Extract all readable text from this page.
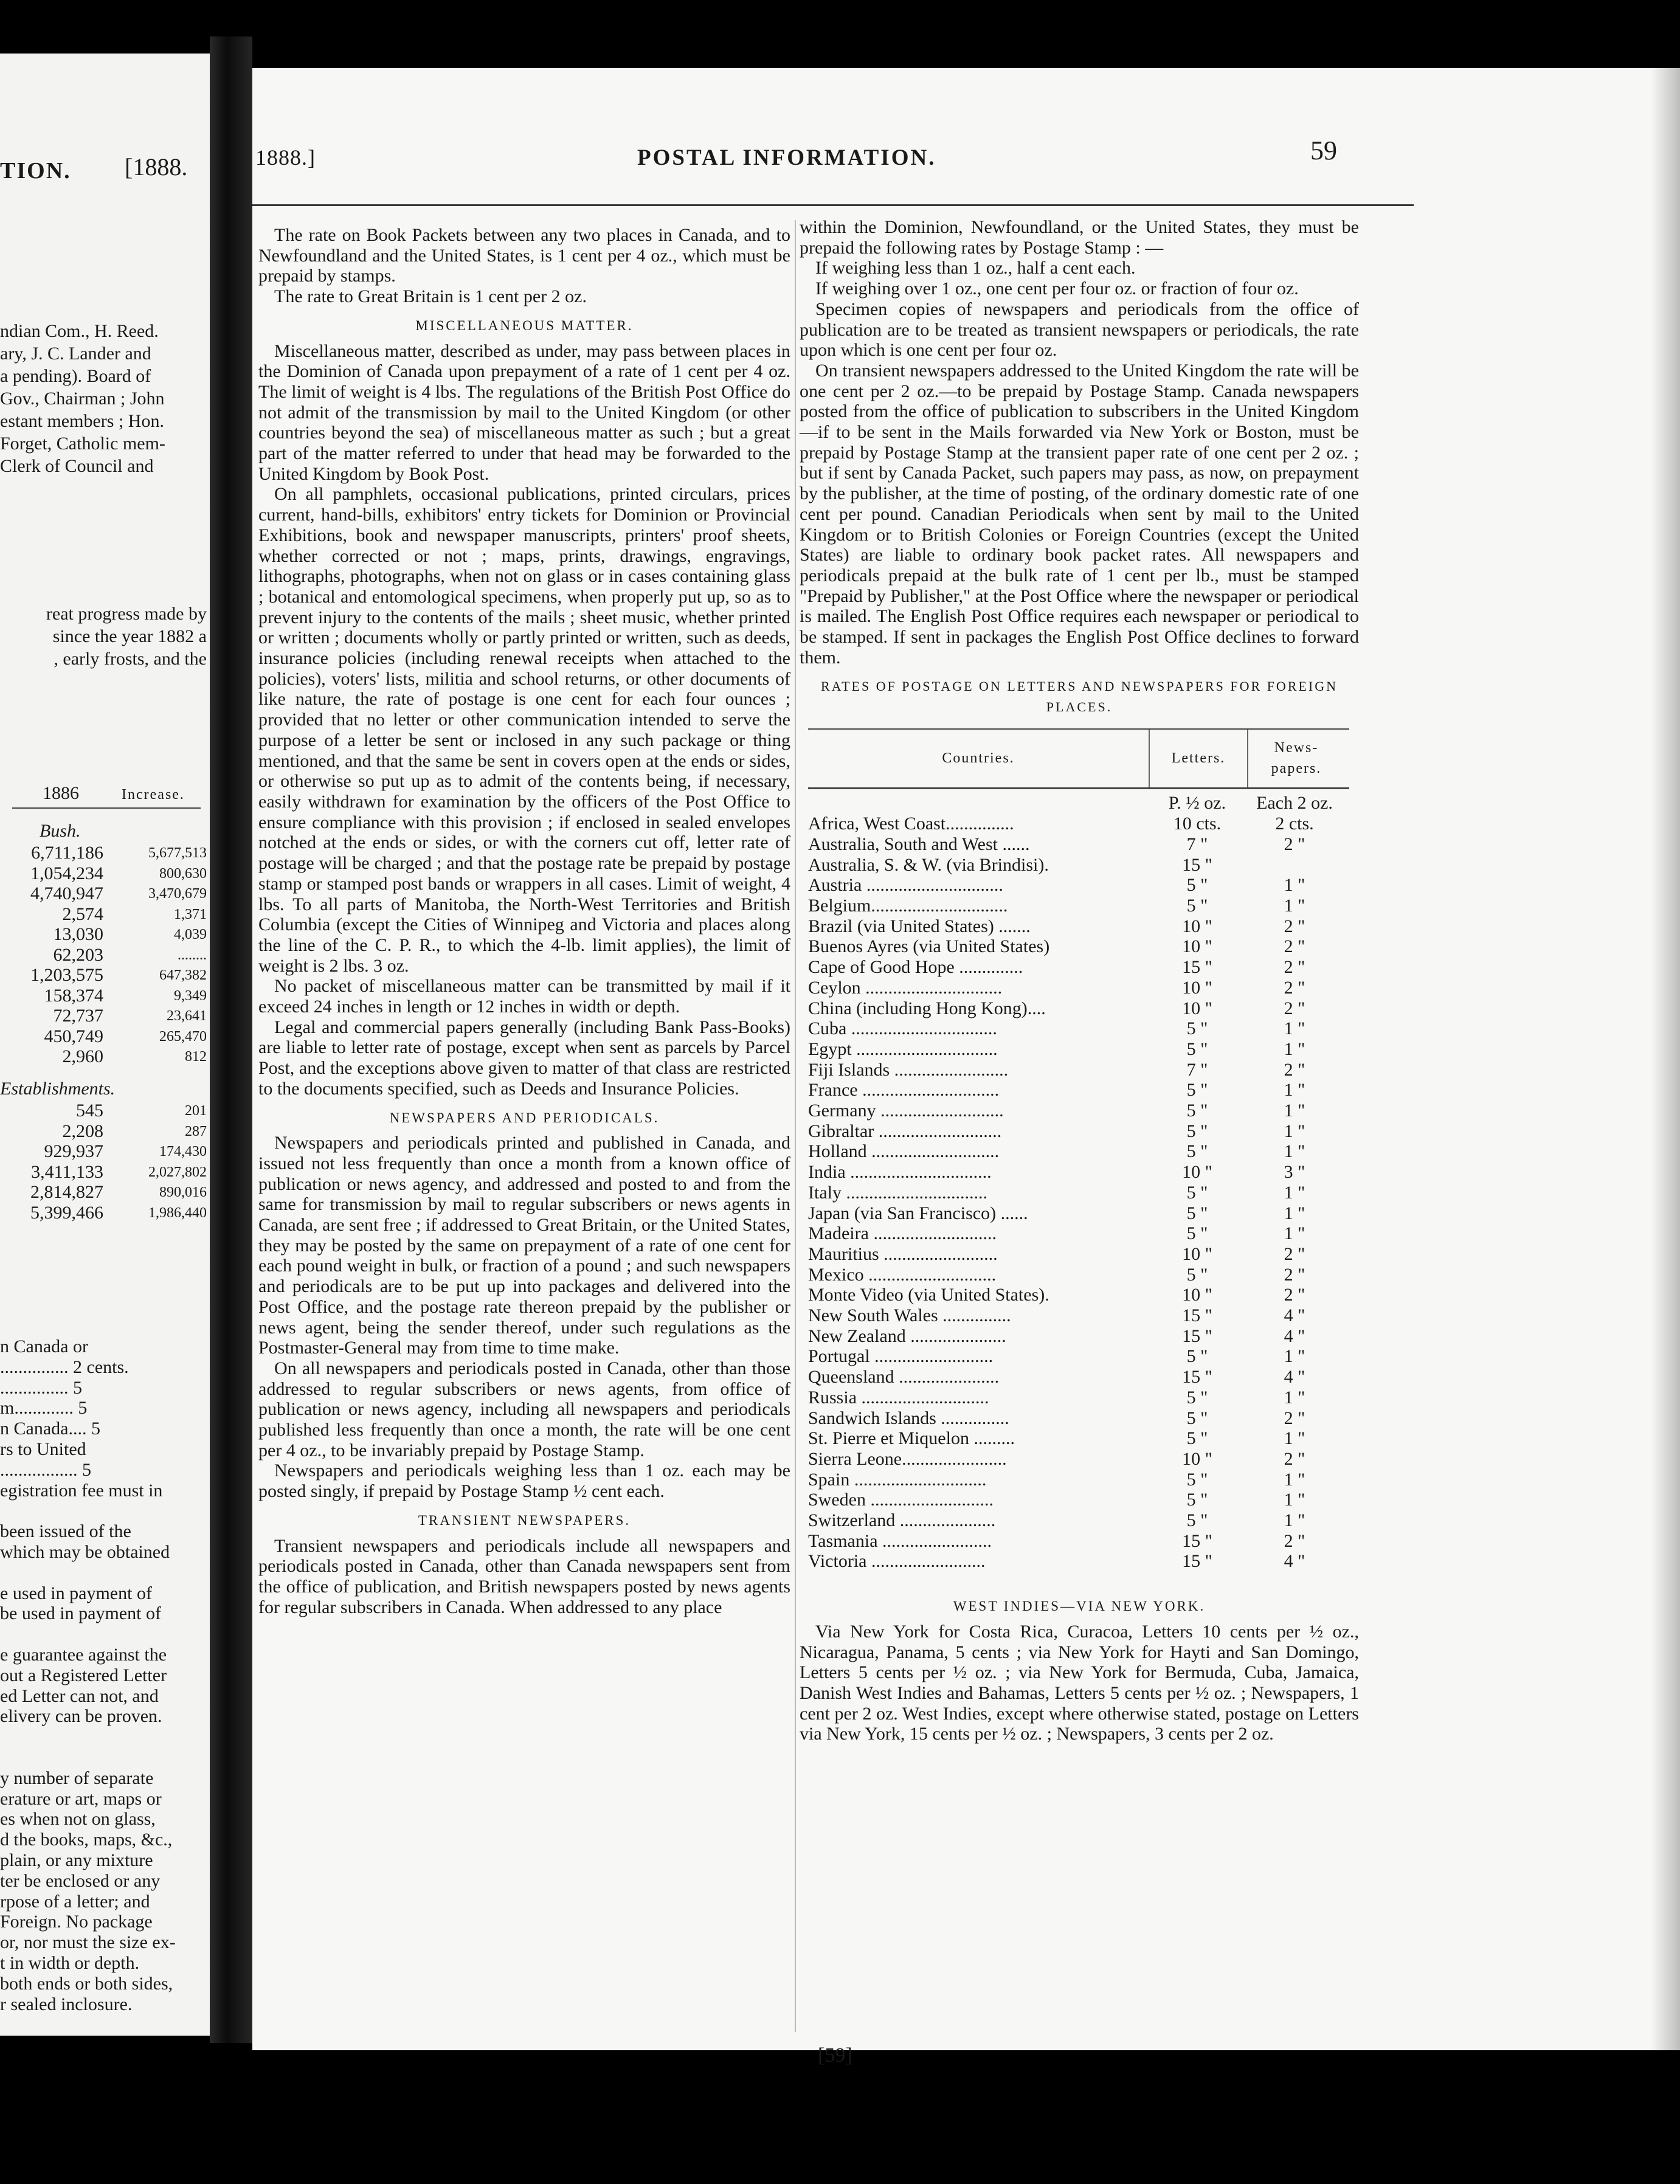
TION.	[1888.
ndian Com., H. Reed.
ary, J. C. Lander and
a pending). Board of
Gov., Chairman ; John
estant members ; Hon.
Forget, Catholic mem-
Clerk of Council and
reat progress made by
since the year 1882 a
, early frosts, and the
1886	Increase.
Bush.
6,711,186	5,677,513
1,054,234	800,630
4,740,947	3,470,679
2,574	1,371
13,030	4,039
62,203	........
1,203,575	647,382
158,374	9,349
72,737	23,641
450,749	265,470
2,960	812
Establishments.
545	201
2,208	287
929,937	174,430
3,411,133	2,027,802
2,814,827	890,016
5,399,466	1,986,440
n Canada or
............... 2 cents.
............... 5
m............. 5
n Canada.... 5
rs to United
................. 5
egistration fee must in
been issued of the
which may be obtained
e used in payment of
be used in payment of
e guarantee against the
out a Registered Letter
ed Letter can not, and
elivery can be proven.
y number of separate
erature or art, maps or
es when not on glass,
d the books, maps, &c.,
plain, or any mixture
ter be enclosed or any
rpose of a letter; and
Foreign. No package
or, nor must the size ex-
t in width or depth.
both ends or both sides,
r sealed inclosure.
1888.]	POSTAL INFORMATION.	59

The rate on Book Packets between any two places in Canada, and to Newfoundland and the United States, is 1 cent per 4 oz., which must be prepaid by stamps.

The rate to Great Britain is 1 cent per 2 oz.

MISCELLANEOUS MATTER.

Miscellaneous matter, described as under, may pass between places in the Dominion of Canada upon prepayment of a rate of 1 cent per 4 oz. The limit of weight is 4 lbs. The regulations of the British Post Office do not admit of the transmission by mail to the United Kingdom (or other countries beyond the sea) of miscellaneous matter as such ; but a great part of the matter referred to under that head may be forwarded to the United Kingdom by Book Post.

On all pamphlets, occasional publications, printed circulars, prices current, hand-bills, exhibitors' entry tickets for Dominion or Provincial Exhibitions, book and newspaper manuscripts, printers' proof sheets, whether corrected or not ; maps, prints, drawings, engravings, lithographs, photographs, when not on glass or in cases containing glass ; botanical and entomological specimens, when properly put up, so as to prevent injury to the contents of the mails ; sheet music, whether printed or written ; documents wholly or partly printed or written, such as deeds, insurance policies (including renewal receipts when attached to the policies), voters' lists, militia and school returns, or other documents of like nature, the rate of postage is one cent for each four ounces ; provided that no letter or other communication intended to serve the purpose of a letter be sent or inclosed in any such package or thing mentioned, and that the same be sent in covers open at the ends or sides, or otherwise so put up as to admit of the contents being, if necessary, easily withdrawn for examination by the officers of the Post Office to ensure compliance with this provision ; if enclosed in sealed envelopes notched at the ends or sides, or with the corners cut off, letter rate of postage will be charged ; and that the postage rate be prepaid by postage stamp or stamped post bands or wrappers in all cases. Limit of weight, 4 lbs. To all parts of Manitoba, the North-West Territories and British Columbia (except the Cities of Winnipeg and Victoria and places along the line of the C. P. R., to which the 4-lb. limit applies), the limit of weight is 2 lbs. 3 oz.

No packet of miscellaneous matter can be transmitted by mail if it exceed 24 inches in length or 12 inches in width or depth.

Legal and commercial papers generally (including Bank Pass-Books) are liable to letter rate of postage, except when sent as parcels by Parcel Post, and the exceptions above given to matter of that class are restricted to the documents specified, such as Deeds and Insurance Policies.

NEWSPAPERS AND PERIODICALS.

Newspapers and periodicals printed and published in Canada, and issued not less frequently than once a month from a known office of publication or news agency, and addressed and posted to and from the same for transmission by mail to regular subscribers or news agents in Canada, are sent free ; if addressed to Great Britain, or the United States, they may be posted by the same on prepayment of a rate of one cent for each pound weight in bulk, or fraction of a pound ; and such newspapers and periodicals are to be put up into packages and delivered into the Post Office, and the postage rate thereon prepaid by the publisher or news agent, being the sender thereof, under such regulations as the Postmaster-General may from time to time make.

On all newspapers and periodicals posted in Canada, other than those addressed to regular subscribers or news agents, from office of publication or news agency, including all newspapers and periodicals published less frequently than once a month, the rate will be one cent per 4 oz., to be invariably prepaid by Postage Stamp.

Newspapers and periodicals weighing less than 1 oz. each may be posted singly, if prepaid by Postage Stamp ½ cent each.

TRANSIENT NEWSPAPERS.

Transient newspapers and periodicals include all newspapers and periodicals posted in Canada, other than Canada newspapers sent from the office of publication, and British newspapers posted by news agents for regular subscribers in Canada. When addressed to any place

within the Dominion, Newfoundland, or the United States, they must be prepaid the following rates by Postage Stamp : —

If weighing less than 1 oz., half a cent each.

If weighing over 1 oz., one cent per four oz. or fraction of four oz.

Specimen copies of newspapers and periodicals from the office of publication are to be treated as transient newspapers or periodicals, the rate upon which is one cent per four oz.

On transient newspapers addressed to the United Kingdom the rate will be one cent per 2 oz.—to be prepaid by Postage Stamp. Canada newspapers posted from the office of publication to subscribers in the United Kingdom—if to be sent in the Mails forwarded via New York or Boston, must be prepaid by Postage Stamp at the transient paper rate of one cent per 2 oz. ; but if sent by Canada Packet, such papers may pass, as now, on prepayment by the publisher, at the time of posting, of the ordinary domestic rate of one cent per pound. Canadian Periodicals when sent by mail to the United Kingdom or to British Colonies or Foreign Countries (except the United States) are liable to ordinary book packet rates. All newspapers and periodicals prepaid at the bulk rate of 1 cent per lb., must be stamped "Prepaid by Publisher," at the Post Office where the newspaper or periodical is mailed. The English Post Office requires each newspaper or periodical to be stamped. If sent in packages the English Post Office declines to forward them.

RATES OF POSTAGE ON LETTERS AND NEWSPAPERS FOR FOREIGN PLACES.
Countries.	Letters.
News-papers.
P. ½ oz.	Each 2 oz.
Africa, West Coast...............	10 cts.	2 cts.
Australia, South and West ......	7 "	2 "
Australia, S. & W. (via Brindisi).	15 "
Austria ..............................	5 "	1 "
Belgium..............................	5 "	1 "
Brazil (via United States) .......	10 "	2 "
Buenos Ayres (via United States)	10 "	2 "
Cape of Good Hope ..............	15 "	2 "
Ceylon ..............................	10 "	2 "
China (including Hong Kong)....	10 "	2 "
Cuba ................................	5 "	1 "
Egypt ...............................	5 "	1 "
Fiji Islands .........................	7 "	2 "
France ..............................	5 "	1 "
Germany ...........................	5 "	1 "
Gibraltar ...........................	5 "	1 "
Holland ............................	5 "	1 "
India ...............................	10 "	3 "
Italy ...............................	5 "	1 "
Japan (via San Francisco) ......	5 "	1 "
Madeira ...........................	5 "	1 "
Mauritius .........................	10 "	2 "
Mexico ............................	5 "	2 "
Monte Video (via United States).	10 "	2 "
New South Wales ...............	15 "	4 "
New Zealand .....................	15 "	4 "
Portugal ..........................	5 "	1 "
Queensland ......................	15 "	4 "
Russia ............................	5 "	1 "
Sandwich Islands ...............	5 "	2 "
St. Pierre et Miquelon .........	5 "	1 "
Sierra Leone.......................	10 "	2 "
Spain .............................	5 "	1 "
Sweden ...........................	5 "	1 "
Switzerland .....................	5 "	1 "
Tasmania ........................	15 "	2 "
Victoria .........................	15 "	4 "
WEST INDIES—VIA NEW YORK.

Via New York for Costa Rica, Curacoa, Letters 10 cents per ½ oz., Nicaragua, Panama, 5 cents ; via New York for Hayti and San Domingo, Letters 5 cents per ½ oz. ; via New York for Bermuda, Cuba, Jamaica, Danish West Indies and Bahamas, Letters 5 cents per ½ oz. ; Newspapers, 1 cent per 2 oz. West Indies, except where otherwise stated, postage on Letters via New York, 15 cents per ½ oz. ; Newspapers, 3 cents per 2 oz.

[59]
